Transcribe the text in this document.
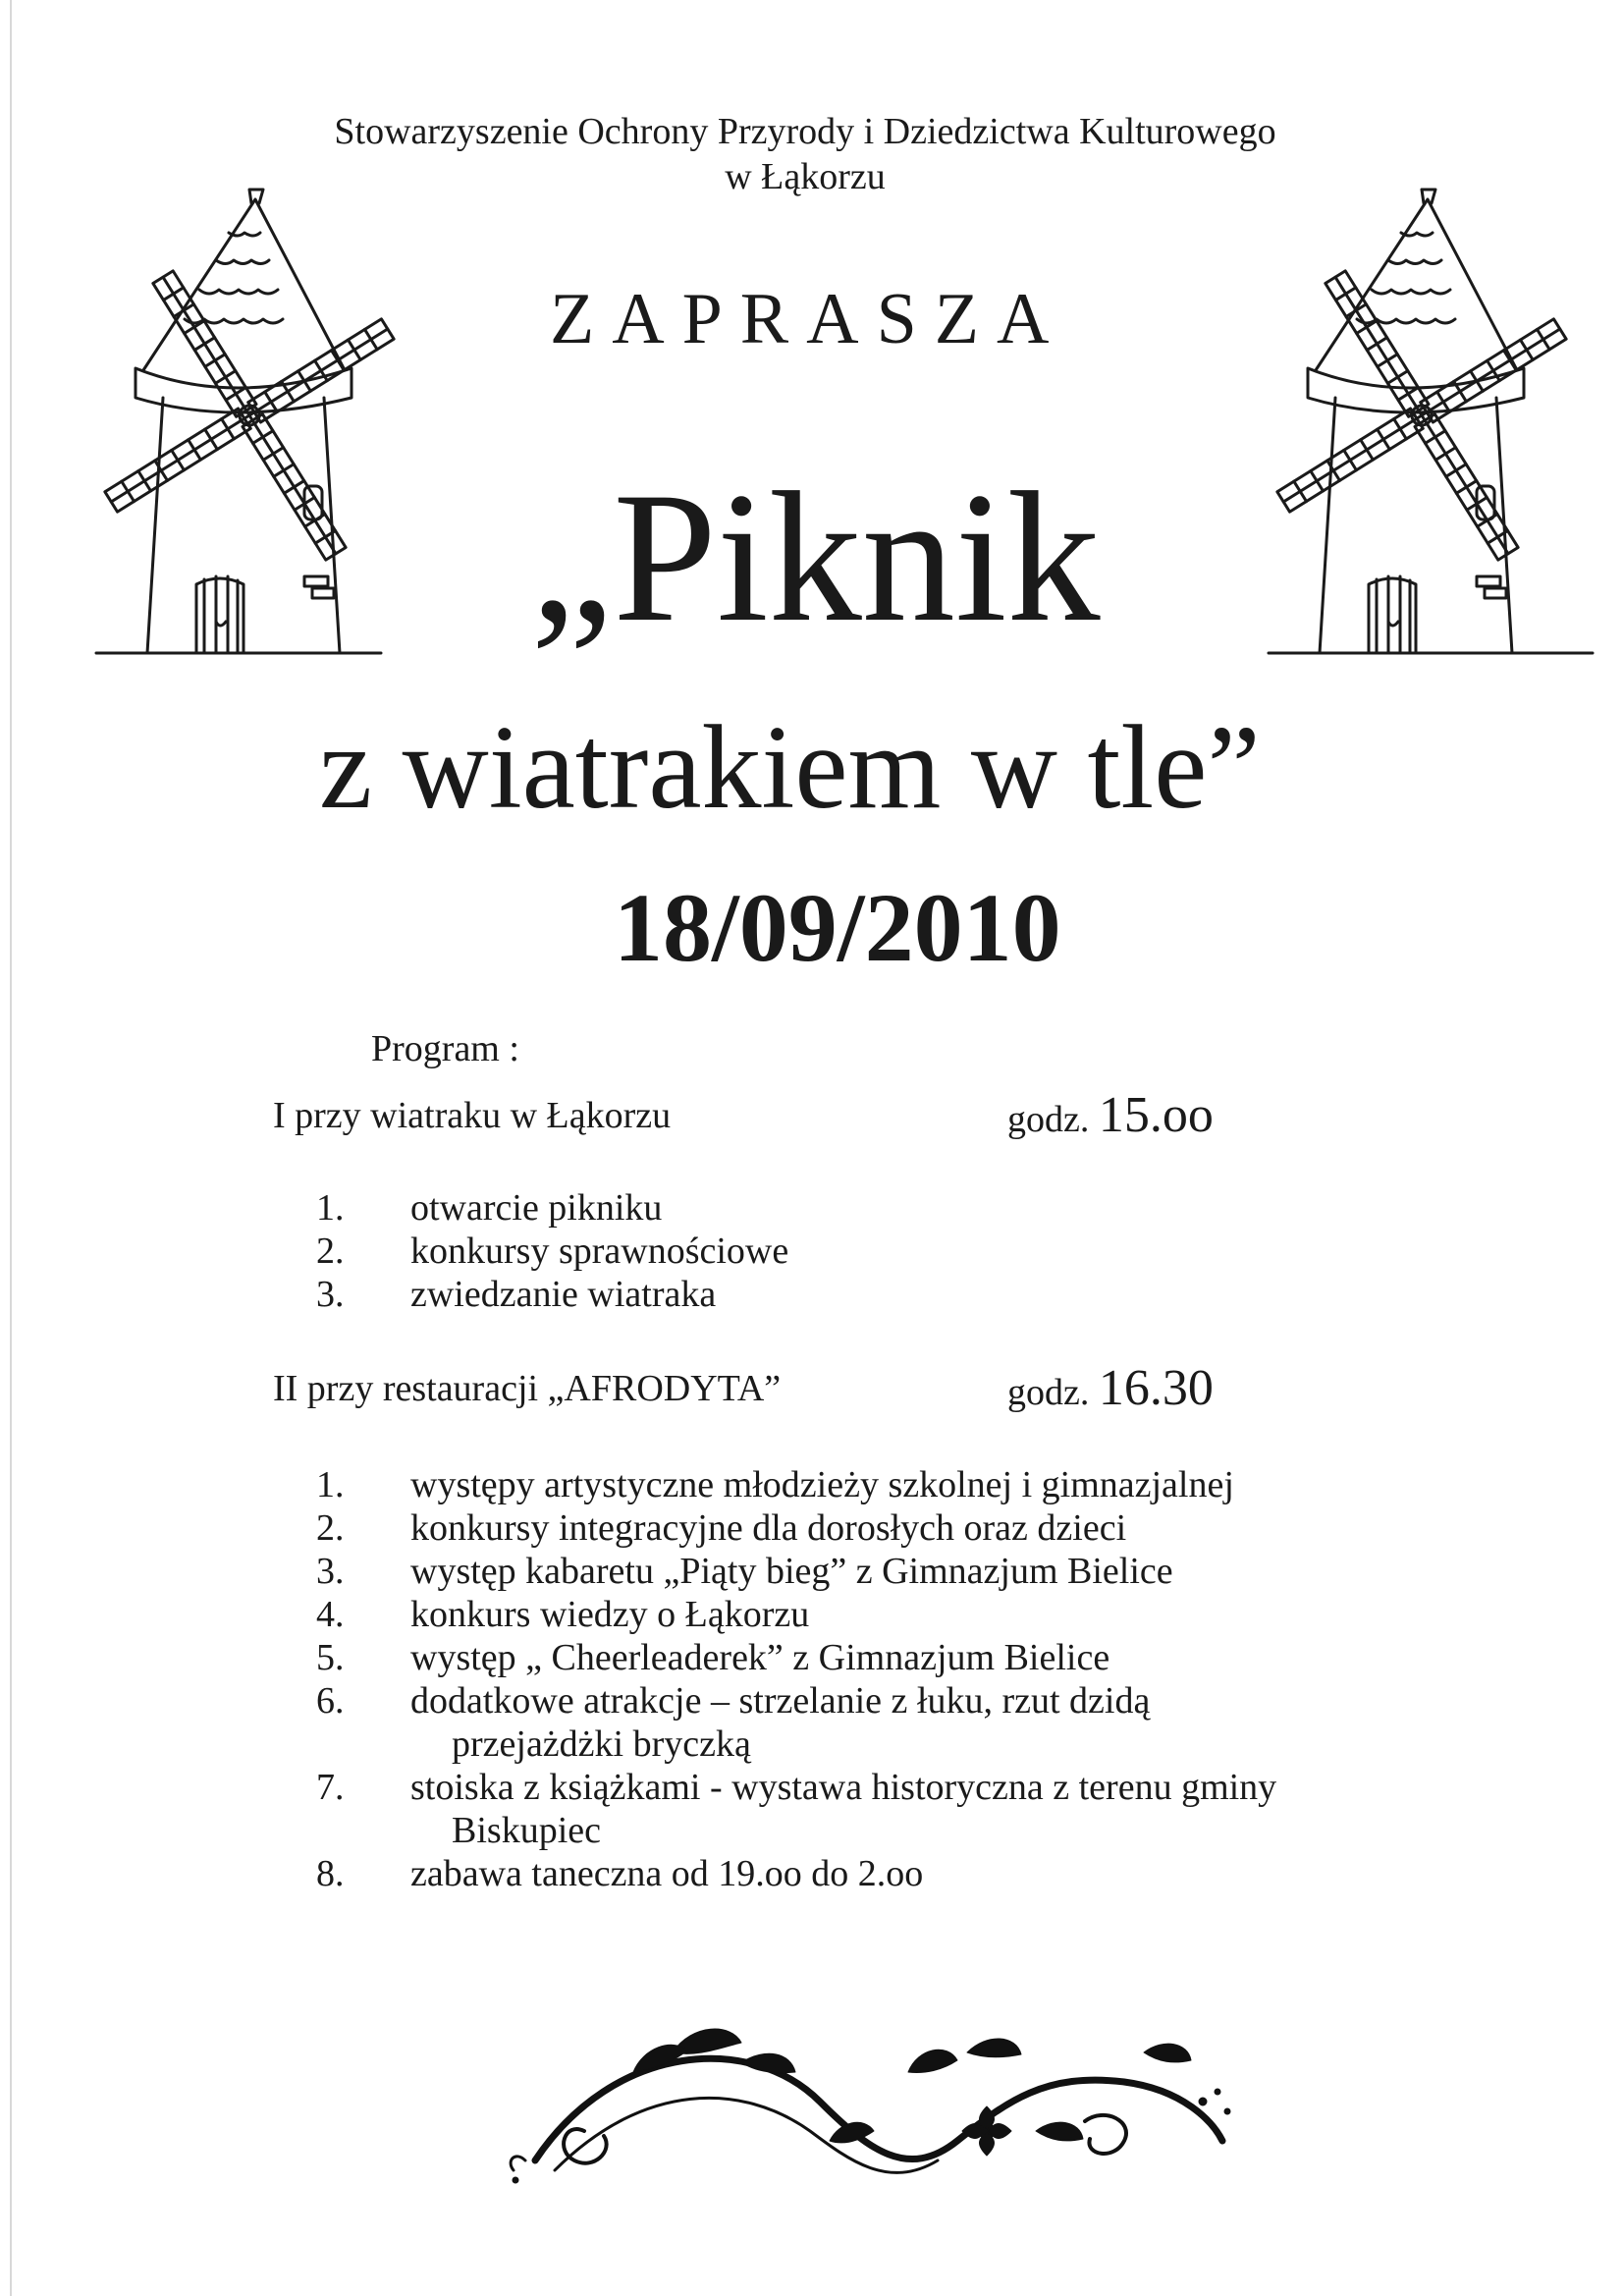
Stowarzyszenie Ochrony Przyrody i Dziedzictwa Kulturowego
w Łąkorzu
ZAPRASZA
„Piknik
z wiatrakiem w tle”
18/09/2010
Program :
I przy wiatraku w Łąkorzu	godz. 15.oo
1. otwarcie pikniku
2. konkursy sprawnościowe
3. zwiedzanie wiatraka
II przy restauracji „AFRODYTA”	godz. 16.30
1. występy artystyczne młodzieży szkolnej i gimnazjalnej
2. konkursy integracyjne dla dorosłych oraz dzieci
3. występ kabaretu „Piąty bieg” z Gimnazjum Bielice
4. konkurs wiedzy o Łąkorzu
5. występ „ Cheerleaderek” z Gimnazjum Bielice
6. dodatkowe atrakcje – strzelanie z łuku, rzut dzidą
przejażdżki bryczką
7. stoiska z książkami - wystawa historyczna z terenu gminy
Biskupiec
8. zabawa taneczna od 19.oo do 2.oo
